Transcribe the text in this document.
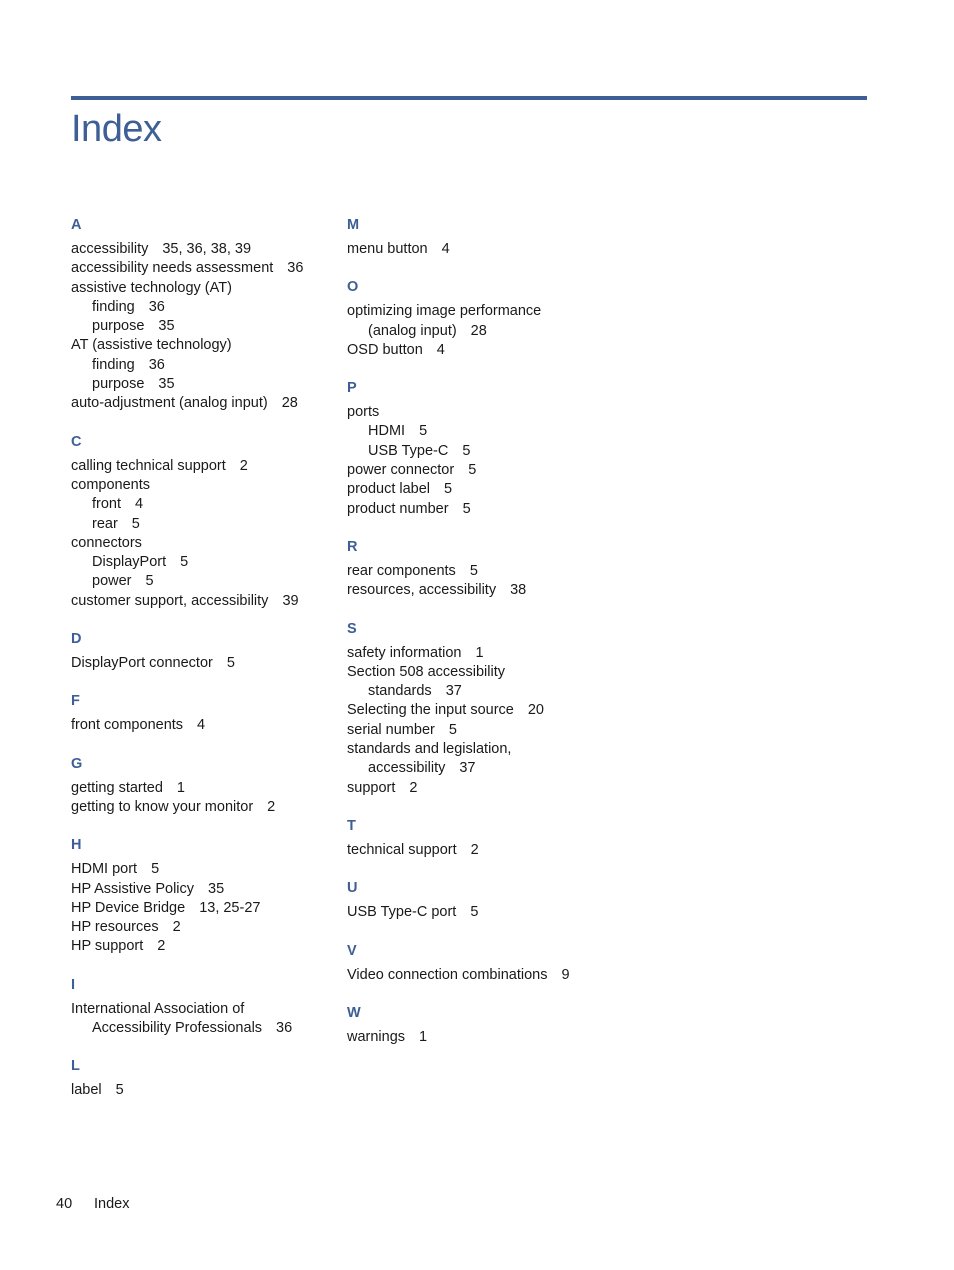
Index
A
accessibility 35, 36, 38, 39
accessibility needs assessment 36
assistive technology (AT)
finding 36
purpose 35
AT (assistive technology)
finding 36
purpose 35
auto-adjustment (analog input) 28
C
calling technical support 2
components
front 4
rear 5
connectors
DisplayPort 5
power 5
customer support, accessibility 39
D
DisplayPort connector 5
F
front components 4
G
getting started 1
getting to know your monitor 2
H
HDMI port 5
HP Assistive Policy 35
HP Device Bridge 13, 25-27
HP resources 2
HP support 2
I
International Association of
Accessibility Professionals 36
L
label 5
M
menu button 4
O
optimizing image performance
(analog input) 28
OSD button 4
P
ports
HDMI 5
USB Type-C 5
power connector 5
product label 5
product number 5
R
rear components 5
resources, accessibility 38
S
safety information 1
Section 508 accessibility
standards 37
Selecting the input source 20
serial number 5
standards and legislation,
accessibility 37
support 2
T
technical support 2
U
USB Type-C port 5
V
Video connection combinations 9
W
warnings 1
40 Index
